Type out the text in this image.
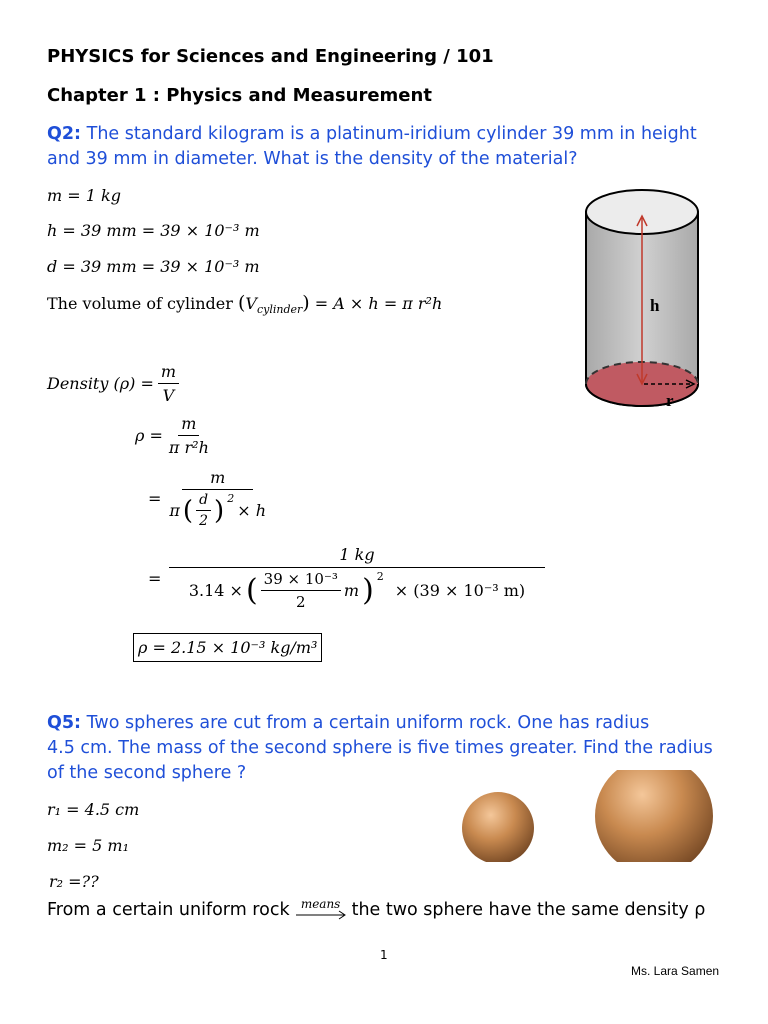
PHYSICS for Sciences and Engineering / 101
Chapter 1 : Physics and Measurement
Q2: The standard kilogram is a platinum-iridium cylinder 39 mm in height
and 39 mm in diameter. What is the density of the material?
m = 1 kg
h = 39 mm = 39 × 10⁻³ m
d = 39 mm = 39 × 10⁻³ m
The volume of cylinder $(V_{cylinder}) = A \times h = \pi$ r²h
Density $(\rho) = \frac{m}{V}$
$\rho = \frac{m}{\text{π r²h}}$
= m
π ( $\frac{d}{2}$ ) $^2$
× h
=
1 kg
3.14 × ( $\frac{\text{39 × 10⁻³}}{2}$ m ) $^2$
× (39 × 10⁻³ m)
ρ = 2.15 × 10⁻³ kg/m³
h
r
Q5: Two spheres are cut from a certain uniform rock. One has radius
4.5 cm. The mass of the second sphere is five times greater. Find the radius
of the second sphere ?
r₁ = 4.5 cm
m₂ = 5 m₁
r₂ =??
From a certain uniform rock means the two sphere have the same density ρ
1
Ms. Lara Samen
